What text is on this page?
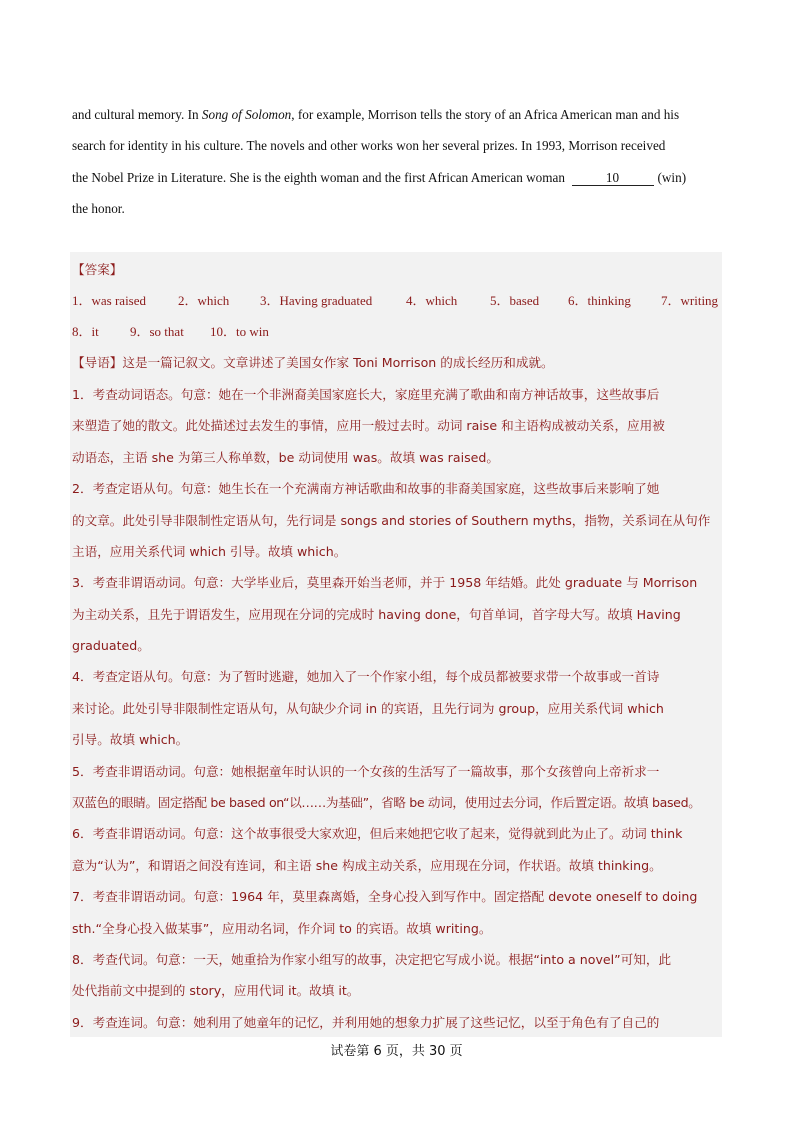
and cultural memory. In Song of Solomon, for example, Morrison tells the story of an Africa American man and his
search for identity in his culture. The novels and other works won her several prizes. In 1993, Morrison received
the Nobel Prize in Literature. She is the eighth woman and the first African American woman	10	(win)
the honor.
【答案】
1．was raised 2．which 3．Having graduated	4．which	5．based 6．thinking 7．writing
8．it 9．so that 10．to win
【导语】这是一篇记叙文。文章讲述了美国女作家 Toni Morrison 的成长经历和成就。
1．考查动词语态。句意：她在一个非洲裔美国家庭长大，家庭里充满了歌曲和南方神话故事，这些故事后
来塑造了她的散文。此处描述过去发生的事情，应用一般过去时。动词 raise 和主语构成被动关系，应用被
动语态，主语 she 为第三人称单数，be 动词使用 was。故填 was raised。
2．考查定语从句。句意：她生长在一个充满南方神话歌曲和故事的非裔美国家庭，这些故事后来影响了她
的文章。此处引导非限制性定语从句，先行词是 songs and stories of Southern myths，指物，关系词在从句作
主语，应用关系代词 which 引导。故填 which。
3．考查非谓语动词。句意：大学毕业后，莫里森开始当老师，并于 1958 年结婚。此处 graduate 与 Morrison
为主动关系，且先于谓语发生，应用现在分词的完成时 having done，句首单词，首字母大写。故填 Having
graduated。
4．考查定语从句。句意：为了暂时逃避，她加入了一个作家小组，每个成员都被要求带一个故事或一首诗
来讨论。此处引导非限制性定语从句，从句缺少介词 in 的宾语，且先行词为 group，应用关系代词 which
引导。故填 which。
5．考查非谓语动词。句意：她根据童年时认识的一个女孩的生活写了一篇故事，那个女孩曾向上帝祈求一
双蓝色的眼睛。固定搭配 be based on“以……为基础”，省略 be 动词，使用过去分词，作后置定语。故填 based。
6．考查非谓语动词。句意：这个故事很受大家欢迎，但后来她把它收了起来，觉得就到此为止了。动词 think
意为“认为”，和谓语之间没有连词，和主语 she 构成主动关系，应用现在分词，作状语。故填 thinking。
7．考查非谓语动词。句意：1964 年，莫里森离婚，全身心投入到写作中。固定搭配 devote oneself to doing
sth.“全身心投入做某事”，应用动名词，作介词 to 的宾语。故填 writing。
8．考查代词。句意：一天，她重拾为作家小组写的故事，决定把它写成小说。根据“into a novel”可知，此
处代指前文中提到的 story，应用代词 it。故填 it。
9．考查连词。句意：她利用了她童年的记忆，并利用她的想象力扩展了这些记忆，以至于角色有了自己的
试卷第 6 页，共 30 页
